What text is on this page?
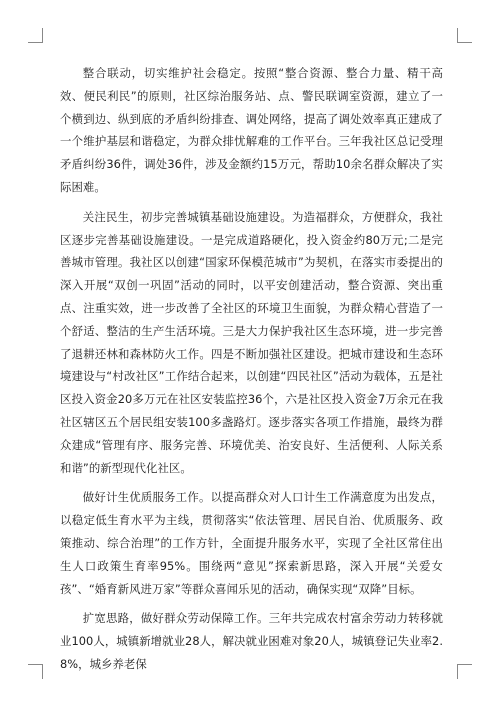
整合联动，切实维护社会稳定。按照“整合资源、整合力量、精干高效、便民利民”的原则，社区综治服务站、点、警民联调室资源，建立了一个横到边、纵到底的矛盾纠纷排查、调处网络，提高了调处效率真正建成了一个维护基层和谐稳定，为群众排忧解难的工作平台。三年我社区总记受理矛盾纠纷36件，调处36件，涉及金额约15万元，帮助10余名群众解决了实际困难。

关注民生，初步完善城镇基础设施建设。为造福群众，方便群众，我社区逐步完善基础设施建设。一是完成道路硬化，投入资金约80万元;二是完善城市管理。我社区以创建“国家环保模范城市”为契机，在落实市委提出的深入开展“双创一巩固”活动的同时，以平安创建活动，整合资源、突出重点、注重实效，进一步改善了全社区的环境卫生面貌，为群众精心营造了一个舒适、整洁的生产生活环境。三是大力保护我社区生态环境，进一步完善了退耕还林和森林防火工作。四是不断加强社区建设。把城市建设和生态环境建设与“村改社区”工作结合起来，以创建“四民社区”活动为载体，五是社区投入资金20多万元在社区安装监控36个，六是社区投入资金7万余元在我社区辖区五个居民组安装100多盏路灯。逐步落实各项工作措施，最终为群众建成“管理有序、服务完善、环境优美、治安良好、生活便利、人际关系和谐”的新型现代化社区。

做好计生优质服务工作。以提高群众对人口计生工作满意度为出发点，以稳定低生育水平为主线，贯彻落实“依法管理、居民自治、优质服务、政策推动、综合治理”的工作方针，全面提升服务水平，实现了全社区常住出生人口政策生育率95%。围绕两“意见”探索新思路，深入开展“关爱女孩”、“婚育新风进万家”等群众喜闻乐见的活动，确保实现“双降”目标。

扩宽思路，做好群众劳动保障工作。三年共完成农村富余劳动力转移就业100人，城镇新增就业28人，解决就业困难对象20人，城镇登记失业率2.8%，城乡养老保
